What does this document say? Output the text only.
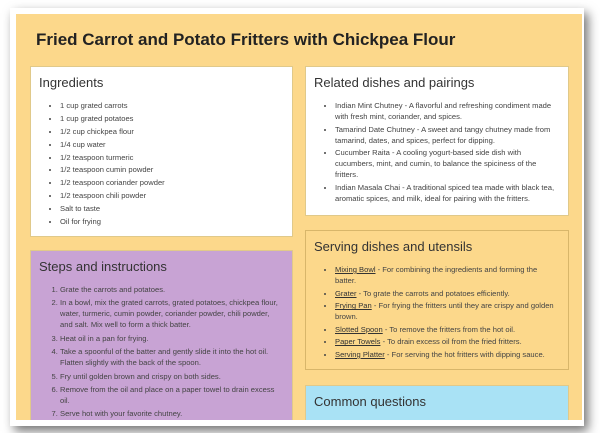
Fried Carrot and Potato Fritters with Chickpea Flour
Ingredients
• 1 cup grated carrots
• 1 cup grated potatoes
• 1/2 cup chickpea flour
• 1/4 cup water
• 1/2 teaspoon turmeric
• 1/2 teaspoon cumin powder
• 1/2 teaspoon coriander powder
• 1/2 teaspoon chili powder
• Salt to taste
• Oil for frying
Related dishes and pairings
• Indian Mint Chutney - A flavorful and refreshing condiment made with fresh mint, coriander, and spices.
• Tamarind Date Chutney - A sweet and tangy chutney made from tamarind, dates, and spices, perfect for dipping.
• Cucumber Raita - A cooling yogurt-based side dish with cucumbers, mint, and cumin, to balance the spiciness of the fritters.
• Indian Masala Chai - A traditional spiced tea made with black tea, aromatic spices, and milk, ideal for pairing with the fritters.
Steps and instructions
1. Grate the carrots and potatoes.
2. In a bowl, mix the grated carrots, grated potatoes, chickpea flour, water, turmeric, cumin powder, coriander powder, chili powder, and salt. Mix well to form a thick batter.
3. Heat oil in a pan for frying.
4. Take a spoonful of the batter and gently slide it into the hot oil. Flatten slightly with the back of the spoon.
5. Fry until golden brown and crispy on both sides.
6. Remove from the oil and place on a paper towel to drain excess oil.
7. Serve hot with your favorite chutney.
Serving dishes and utensils
• Mixing Bowl - For combining the ingredients and forming the batter.
• Grater - To grate the carrots and potatoes efficiently.
• Frying Pan - For frying the fritters until they are crispy and golden brown.
• Slotted Spoon - To remove the fritters from the hot oil.
• Paper Towels - To drain excess oil from the fried fritters.
• Serving Platter - For serving the hot fritters with dipping sauce.
Common questions
